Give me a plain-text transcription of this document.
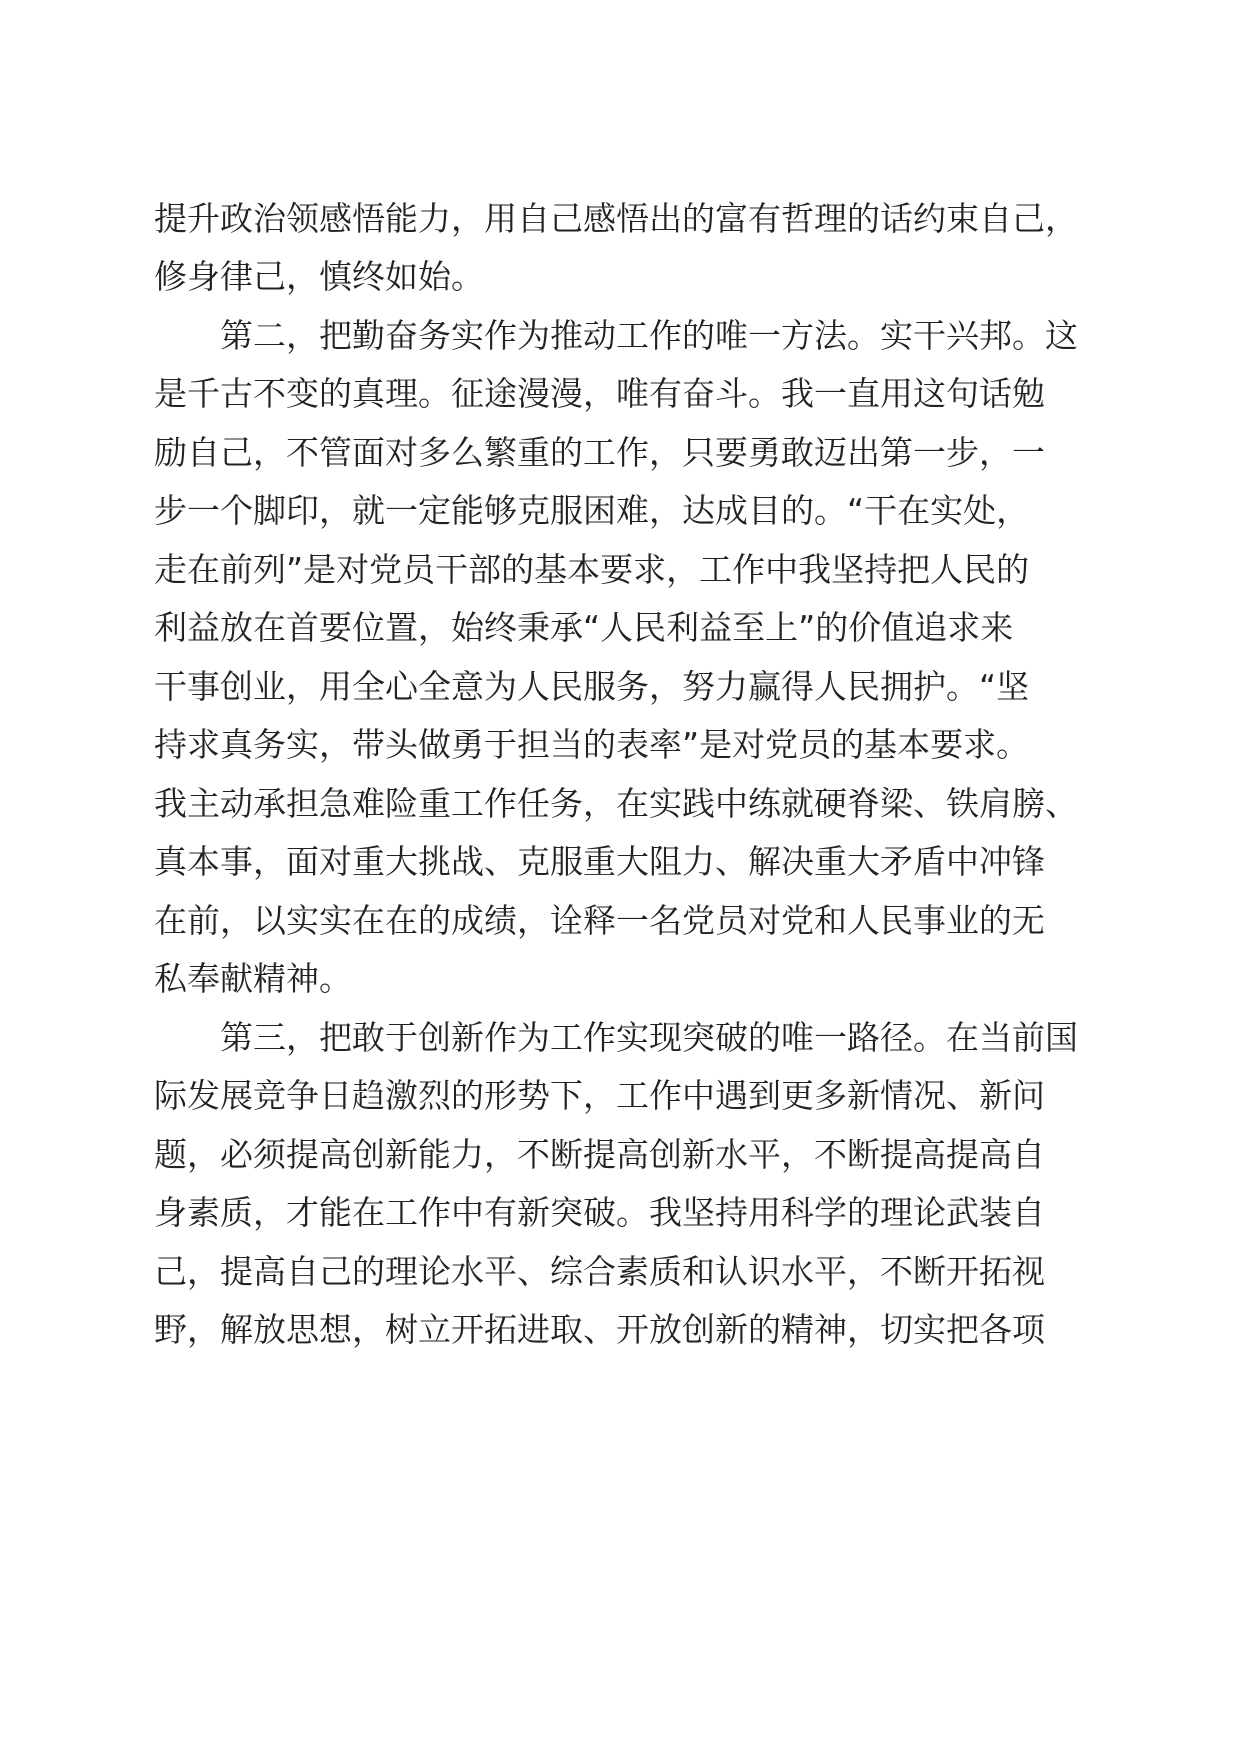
提升政治领感悟能力，用自己感悟出的富有哲理的话约束自己，
修身律己，慎终如始。
　　第二，把勤奋务实作为推动工作的唯一方法。实干兴邦。这
是千古不变的真理。征途漫漫，唯有奋斗。我一直用这句话勉
励自己，不管面对多么繁重的工作，只要勇敢迈出第一步，一
步一个脚印，就一定能够克服困难，达成目的。“干在实处，
走在前列”是对党员干部的基本要求，工作中我坚持把人民的
利益放在首要位置，始终秉承“人民利益至上”的价值追求来
干事创业，用全心全意为人民服务，努力赢得人民拥护。“坚
持求真务实，带头做勇于担当的表率”是对党员的基本要求。
我主动承担急难险重工作任务，在实践中练就硬脊梁、铁肩膀、
真本事，面对重大挑战、克服重大阻力、解决重大矛盾中冲锋
在前，以实实在在的成绩，诠释一名党员对党和人民事业的无
私奉献精神。
　　第三，把敢于创新作为工作实现突破的唯一路径。在当前国
际发展竞争日趋激烈的形势下，工作中遇到更多新情况、新问
题，必须提高创新能力，不断提高创新水平，不断提高提高自
身素质，才能在工作中有新突破。我坚持用科学的理论武装自
己，提高自己的理论水平、综合素质和认识水平，不断开拓视
野，解放思想，树立开拓进取、开放创新的精神，切实把各项
